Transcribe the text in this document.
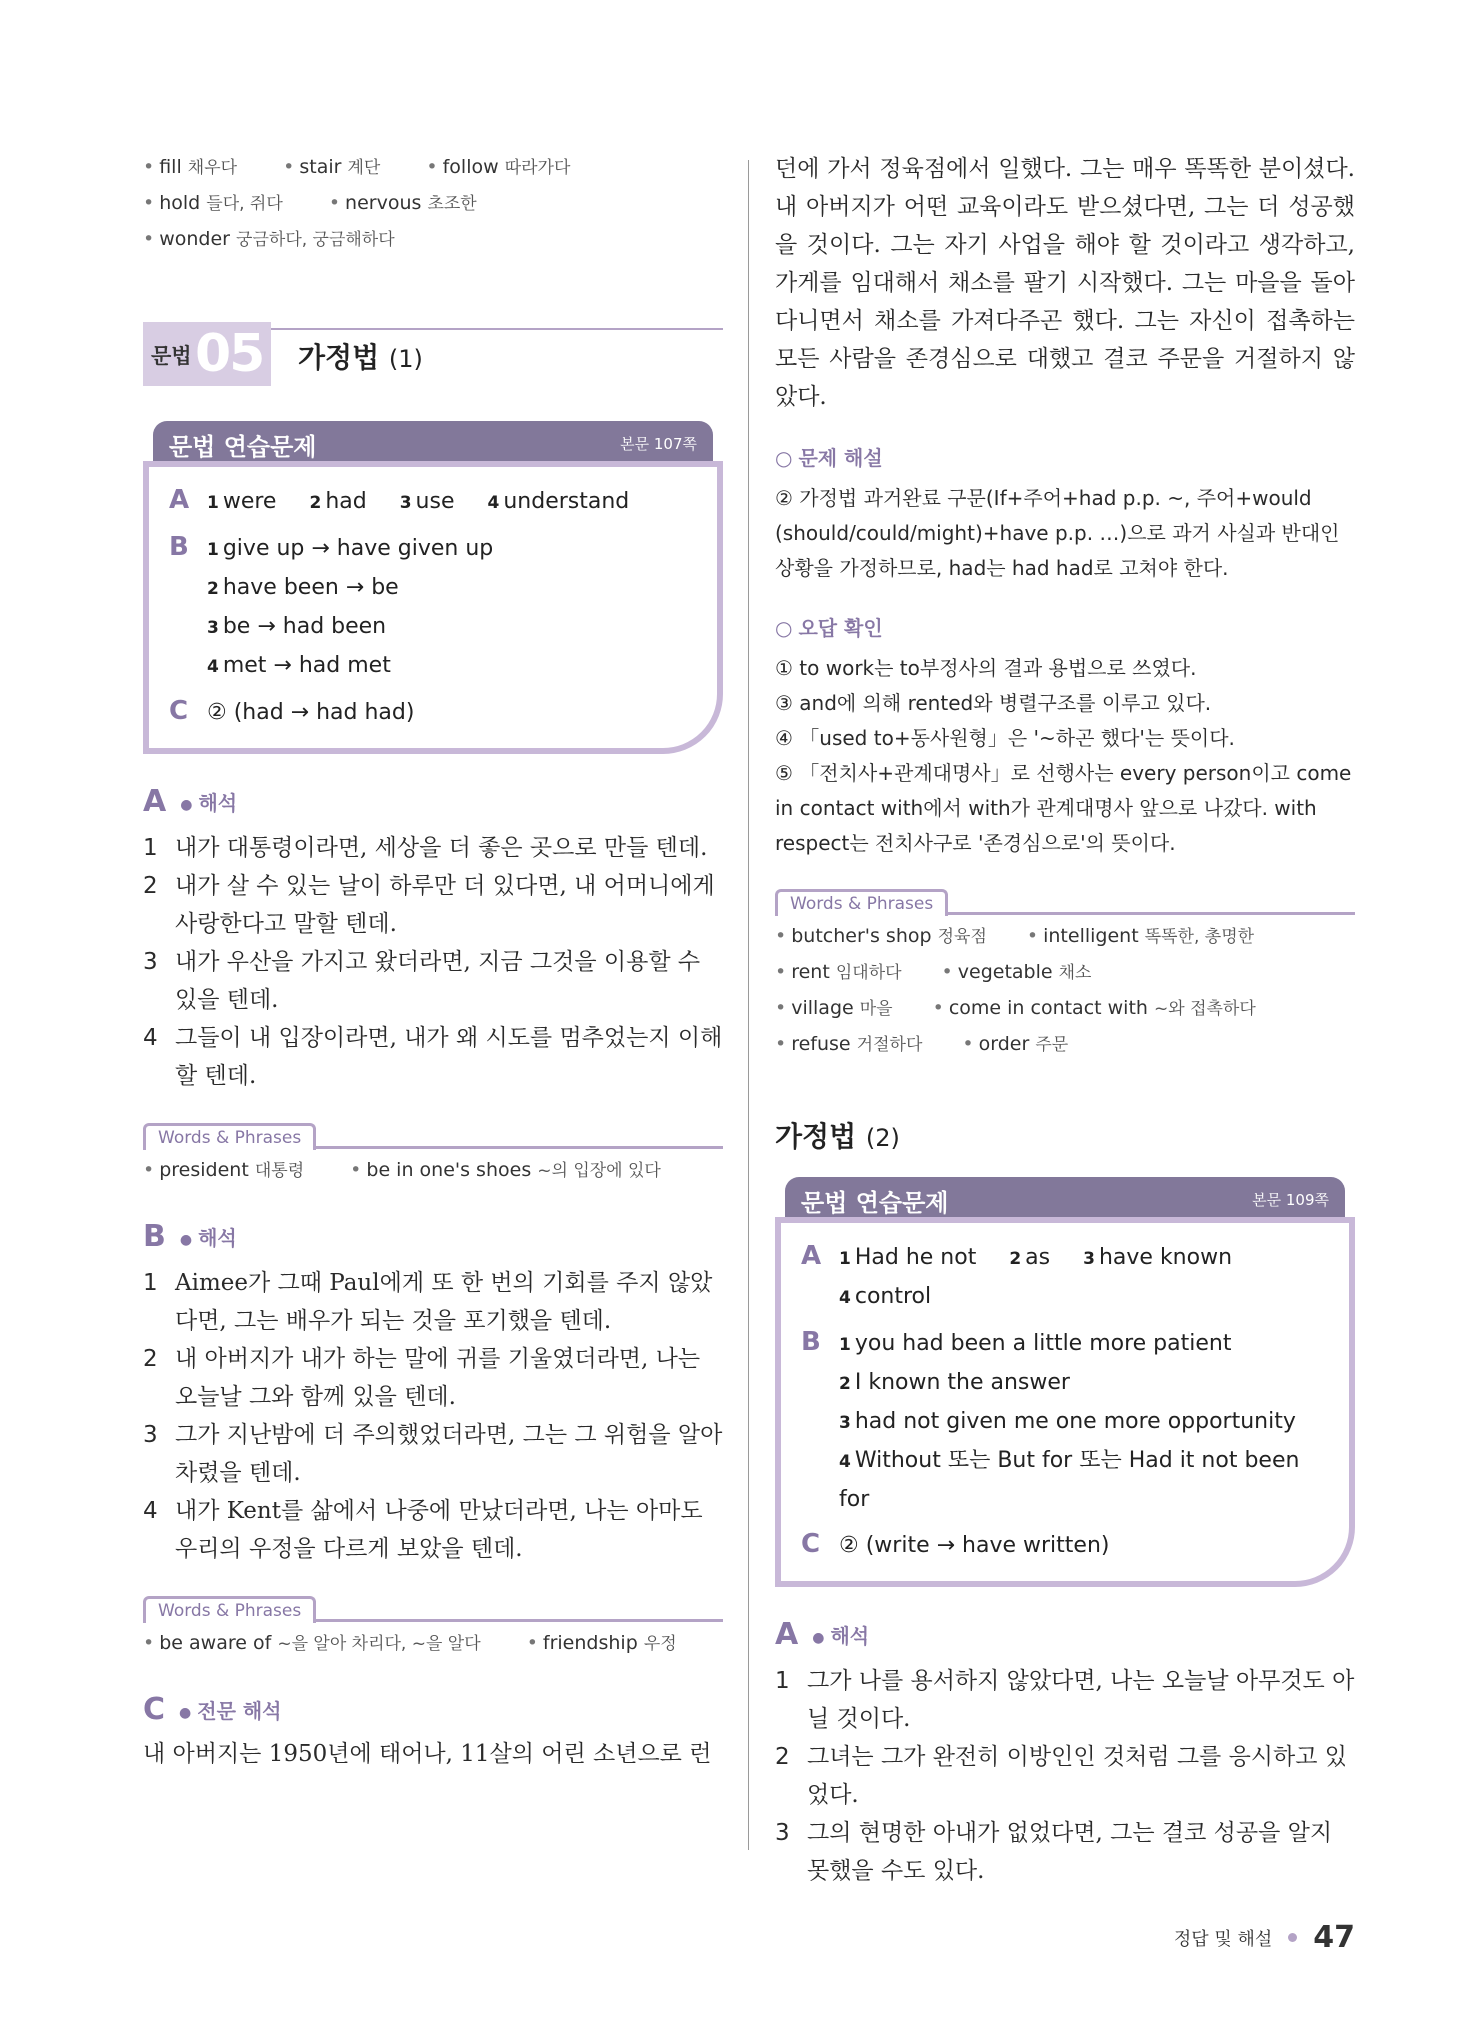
• fill 채우다 • stair 계단 • follow 따라가다
• hold 들다, 쥐다 • nervous 초조한
• wonder 궁금하다, 궁금해하다
문법 05 가정법 (1)
문법 연습문제	본문 107쪽
A	1 were 2 had 3 use 4 understand
B	1 give up → have given up
2 have been → be
3 be → had been
4 met → had met
C ② (had → had had)
A ● 해석
1 내가 대통령이라면, 세상을 더 좋은 곳으로 만들 텐데.
2 내가 살 수 있는 날이 하루만 더 있다면, 내 어머니에게 사랑한다고 말할 텐데.
3 내가 우산을 가지고 왔더라면, 지금 그것을 이용할 수 있을 텐데.
4 그들이 내 입장이라면, 내가 왜 시도를 멈추었는지 이해할 텐데.
Words & Phrases
• president 대통령 • be in one's shoes ~의 입장에 있다
B ● 해석
1 Aimee가 그때 Paul에게 또 한 번의 기회를 주지 않았다면, 그는 배우가 되는 것을 포기했을 텐데.
2 내 아버지가 내가 하는 말에 귀를 기울였더라면, 나는 오늘날 그와 함께 있을 텐데.
3 그가 지난밤에 더 주의했었더라면, 그는 그 위험을 알아 차렸을 텐데.
4 내가 Kent를 삶에서 나중에 만났더라면, 나는 아마도 우리의 우정을 다르게 보았을 텐데.
Words & Phrases
• be aware of ~을 알아 차리다, ~을 알다 • friendship 우정
C ● 전문 해석
내 아버지는 1950년에 태어나, 11살의 어린 소년으로 런
던에 가서 정육점에서 일했다. 그는 매우 똑똑한 분이셨다. 내 아버지가 어떤 교육이라도 받으셨다면, 그는 더 성공했을 것이다. 그는 자기 사업을 해야 할 것이라고 생각하고, 가게를 임대해서 채소를 팔기 시작했다. 그는 마을을 돌아다니면서 채소를 가져다주곤 했다. 그는 자신이 접촉하는 모든 사람을 존경심으로 대했고 결코 주문을 거절하지 않았다.
○ 문제 해설
② 가정법 과거완료 구문(If+주어+had p.p. ~, 주어+would (should/could/might)+have p.p. …)으로 과거 사실과 반대인 상황을 가정하므로, had는 had had로 고쳐야 한다.
○ 오답 확인
① to work는 to부정사의 결과 용법으로 쓰였다.
③ and에 의해 rented와 병렬구조를 이루고 있다.
④ 「used to+동사원형」은 '~하곤 했다'는 뜻이다.
⑤ 「전치사+관계대명사」로 선행사는 every person이고 come in contact with에서 with가 관계대명사 앞으로 나갔다. with respect는 전치사구로 '존경심으로'의 뜻이다.
Words & Phrases
• butcher's shop 정육점 • intelligent 똑똑한, 총명한
• rent 임대하다 • vegetable 채소
• village 마을 • come in contact with ~와 접촉하다
• refuse 거절하다 • order 주문
가정법 (2)
문법 연습문제	본문 109쪽
A	1 Had he not 2 as 3 have known
4 control
B	1 you had been a little more patient
2 I known the answer
3 had not given me one more opportunity
4 Without 또는 But for 또는 Had it not been for
C ② (write → have written)
A ● 해석
1 그가 나를 용서하지 않았다면, 나는 오늘날 아무것도 아닐 것이다.
2 그녀는 그가 완전히 이방인인 것처럼 그를 응시하고 있었다.
3 그의 현명한 아내가 없었다면, 그는 결코 성공을 알지 못했을 수도 있다.
정답 및 해설 47
